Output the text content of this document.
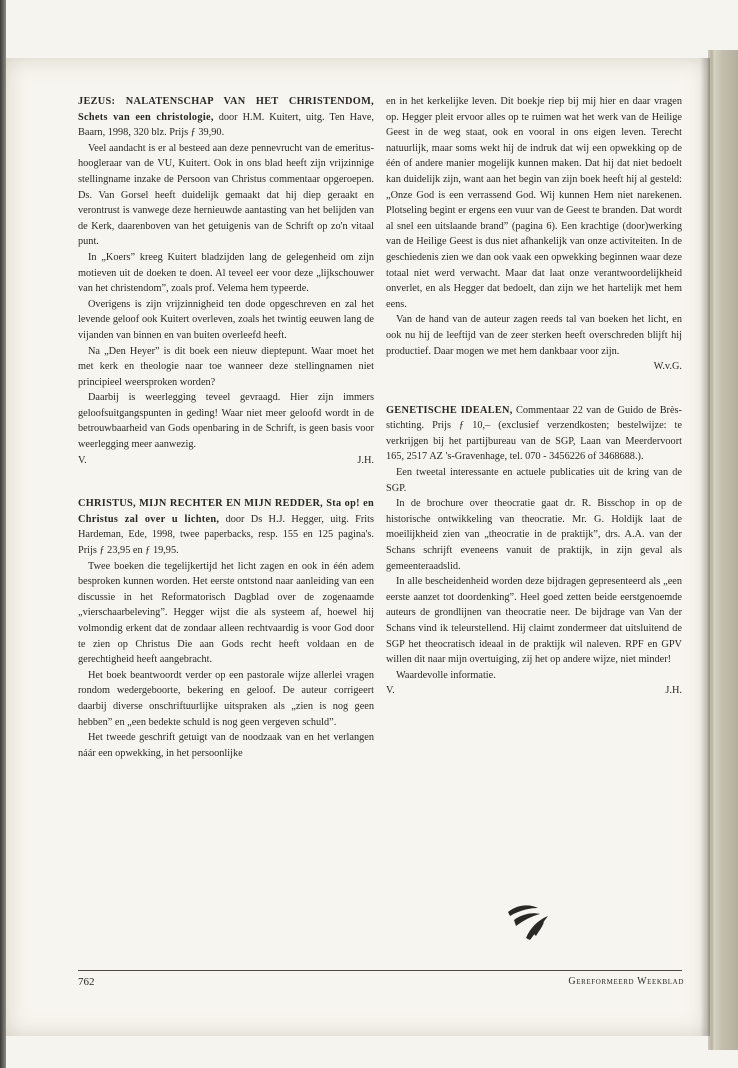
JEZUS: NALATENSCHAP VAN HET CHRISTENDOM, Schets van een christologie, door H.M. Kuitert, uitg. Ten Have, Baarn, 1998, 320 blz. Prijs ƒ 39,90.

Veel aandacht is er al besteed aan deze pennevrucht van de emeritus-hoogleraar van de VU, Kuitert. Ook in ons blad heeft zijn vrijzinnige stellingname inzake de Persoon van Christus commentaar opgeroepen. Ds. Van Gorsel heeft duidelijk gemaakt dat hij diep geraakt en verontrust is vanwege deze hernieuwde aantasting van het belijden van de Kerk, daarenboven van het getuigenis van de Schrift op zo'n vitaal punt.

In „Koers” kreeg Kuitert bladzijden lang de gelegenheid om zijn motieven uit de doeken te doen. Al teveel eer voor deze „lijkschouwer van het christendom”, zoals prof. Velema hem typeerde.

Overigens is zijn vrijzinnigheid ten dode opgeschreven en zal het levende geloof ook Kuitert overleven, zoals het twintig eeuwen lang de vijanden van binnen en van buiten overleefd heeft.

Na „Den Heyer” is dit boek een nieuw dieptepunt. Waar moet het met kerk en theologie naar toe wanneer deze stellingnamen niet principieel weersproken worden?

Daarbij is weerlegging teveel gevraagd. Hier zijn immers geloofsuitgangspunten in geding! Waar niet meer geloofd wordt in de betrouwbaarheid van Gods openbaring in de Schrift, is geen basis voor weerlegging meer aanwezig.

V.	J.H.

CHRISTUS, MIJN RECHTER EN MIJN REDDER, Sta op! en Christus zal over u lichten, door Ds H.J. Hegger, uitg. Frits Hardeman, Ede, 1998, twee paperbacks, resp. 155 en 125 pagina's. Prijs ƒ 23,95 en ƒ 19,95.

Twee boeken die tegelijkertijd het licht zagen en ook in één adem besproken kunnen worden. Het eerste ontstond naar aanleiding van een discussie in het Reformatorisch Dagblad over de zogenaamde „vierschaarbeleving”. Hegger wijst die als systeem af, hoewel hij volmondig erkent dat de zondaar alleen rechtvaardig is voor God door te zien op Christus Die aan Gods recht heeft voldaan en de gerechtigheid heeft aangebracht.

Het boek beantwoordt verder op een pastorale wijze allerlei vragen rondom wedergeboorte, bekering en geloof. De auteur corrigeert daarbij diverse onschriftuurlijke uitspraken als „zien is nog geen hebben” en „een bedekte schuld is nog geen vergeven schuld”.

Het tweede geschrift getuigt van de noodzaak van en het verlangen náár een opwekking, in het persoonlijke

en in het kerkelijke leven. Dit boekje riep bij mij hier en daar vragen op. Hegger pleit ervoor alles op te ruimen wat het werk van de Heilige Geest in de weg staat, ook en vooral in ons eigen leven. Terecht natuurlijk, maar soms wekt hij de indruk dat wij een opwekking op de één of andere manier mogelijk kunnen maken. Dat hij dat niet bedoelt kan duidelijk zijn, want aan het begin van zijn boek heeft hij al gesteld: „Onze God is een verrassend God. Wij kunnen Hem niet narekenen. Plotseling begint er ergens een vuur van de Geest te branden. Dat wordt al snel een uitslaande brand” (pagina 6). Een krachtige (door)werking van de Heilige Geest is dus niet afhankelijk van onze activiteiten. In de geschiedenis zien we dan ook vaak een opwekking beginnen waar deze totaal niet werd verwacht. Maar dat laat onze verantwoordelijkheid onverlet, en als Hegger dat bedoelt, dan zijn we het hartelijk met hem eens.

Van de hand van de auteur zagen reeds tal van boeken het licht, en ook nu hij de leeftijd van de zeer sterken heeft overschreden blijft hij productief. Daar mogen we met hem dankbaar voor zijn.

W.v.G.

GENETISCHE IDEALEN, Commentaar 22 van de Guido de Brès-stichting. Prijs ƒ 10,– (exclusief verzendkosten; bestelwijze: te verkrijgen bij het partijbureau van de SGP, Laan van Meerdervoort 165, 2517 AZ 's-Gravenhage, tel. 070 - 3456226 of 3468688.).

Een tweetal interessante en actuele publicaties uit de kring van de SGP.

In de brochure over theocratie gaat dr. R. Bisschop in op de historische ontwikkeling van theocratie. Mr. G. Holdijk laat de moeilijkheid zien van „theocratie in de praktijk”, drs. A.A. van der Schans schrijft eveneens vanuit de praktijk, in zijn geval als gemeenteraadslid.

In alle bescheidenheid worden deze bijdragen gepresenteerd als „een eerste aanzet tot doordenking”. Heel goed zetten beide eerstgenoemde auteurs de grondlijnen van theocratie neer. De bijdrage van Van der Schans vind ik teleurstellend. Hij claimt zondermeer dat uitsluitend de SGP het theocratisch ideaal in de praktijk wil naleven. RPF en GPV willen dit naar mijn overtuiging, zij het op andere wijze, niet minder!

Waardevolle informatie.

V.	J.H.
762	Gereformeerd Weekblad
